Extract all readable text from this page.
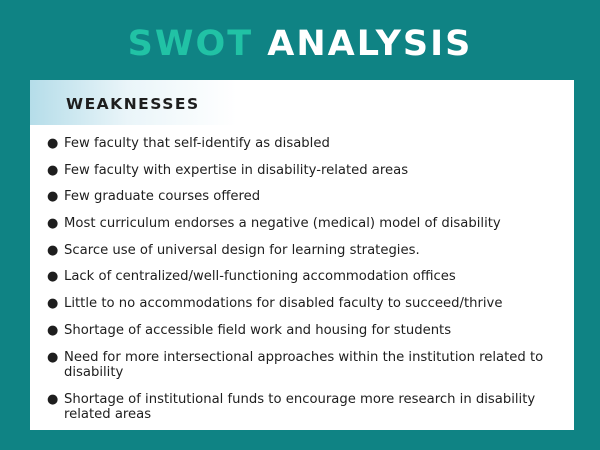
SWOT ANALYSIS
WEAKNESSES
● Few faculty that self-identify as disabled
● Few faculty with expertise in disability-related areas
● Few graduate courses offered
● Most curriculum endorses a negative (medical) model of disability
● Scarce use of universal design for learning strategies.
● Lack of centralized/well-functioning accommodation offices
● Little to no accommodations for disabled faculty to succeed/thrive
● Shortage of accessible field work and housing for students
● Need for more intersectional approaches within the institution related to disability
● Shortage of institutional funds to encourage more research in disability related areas
